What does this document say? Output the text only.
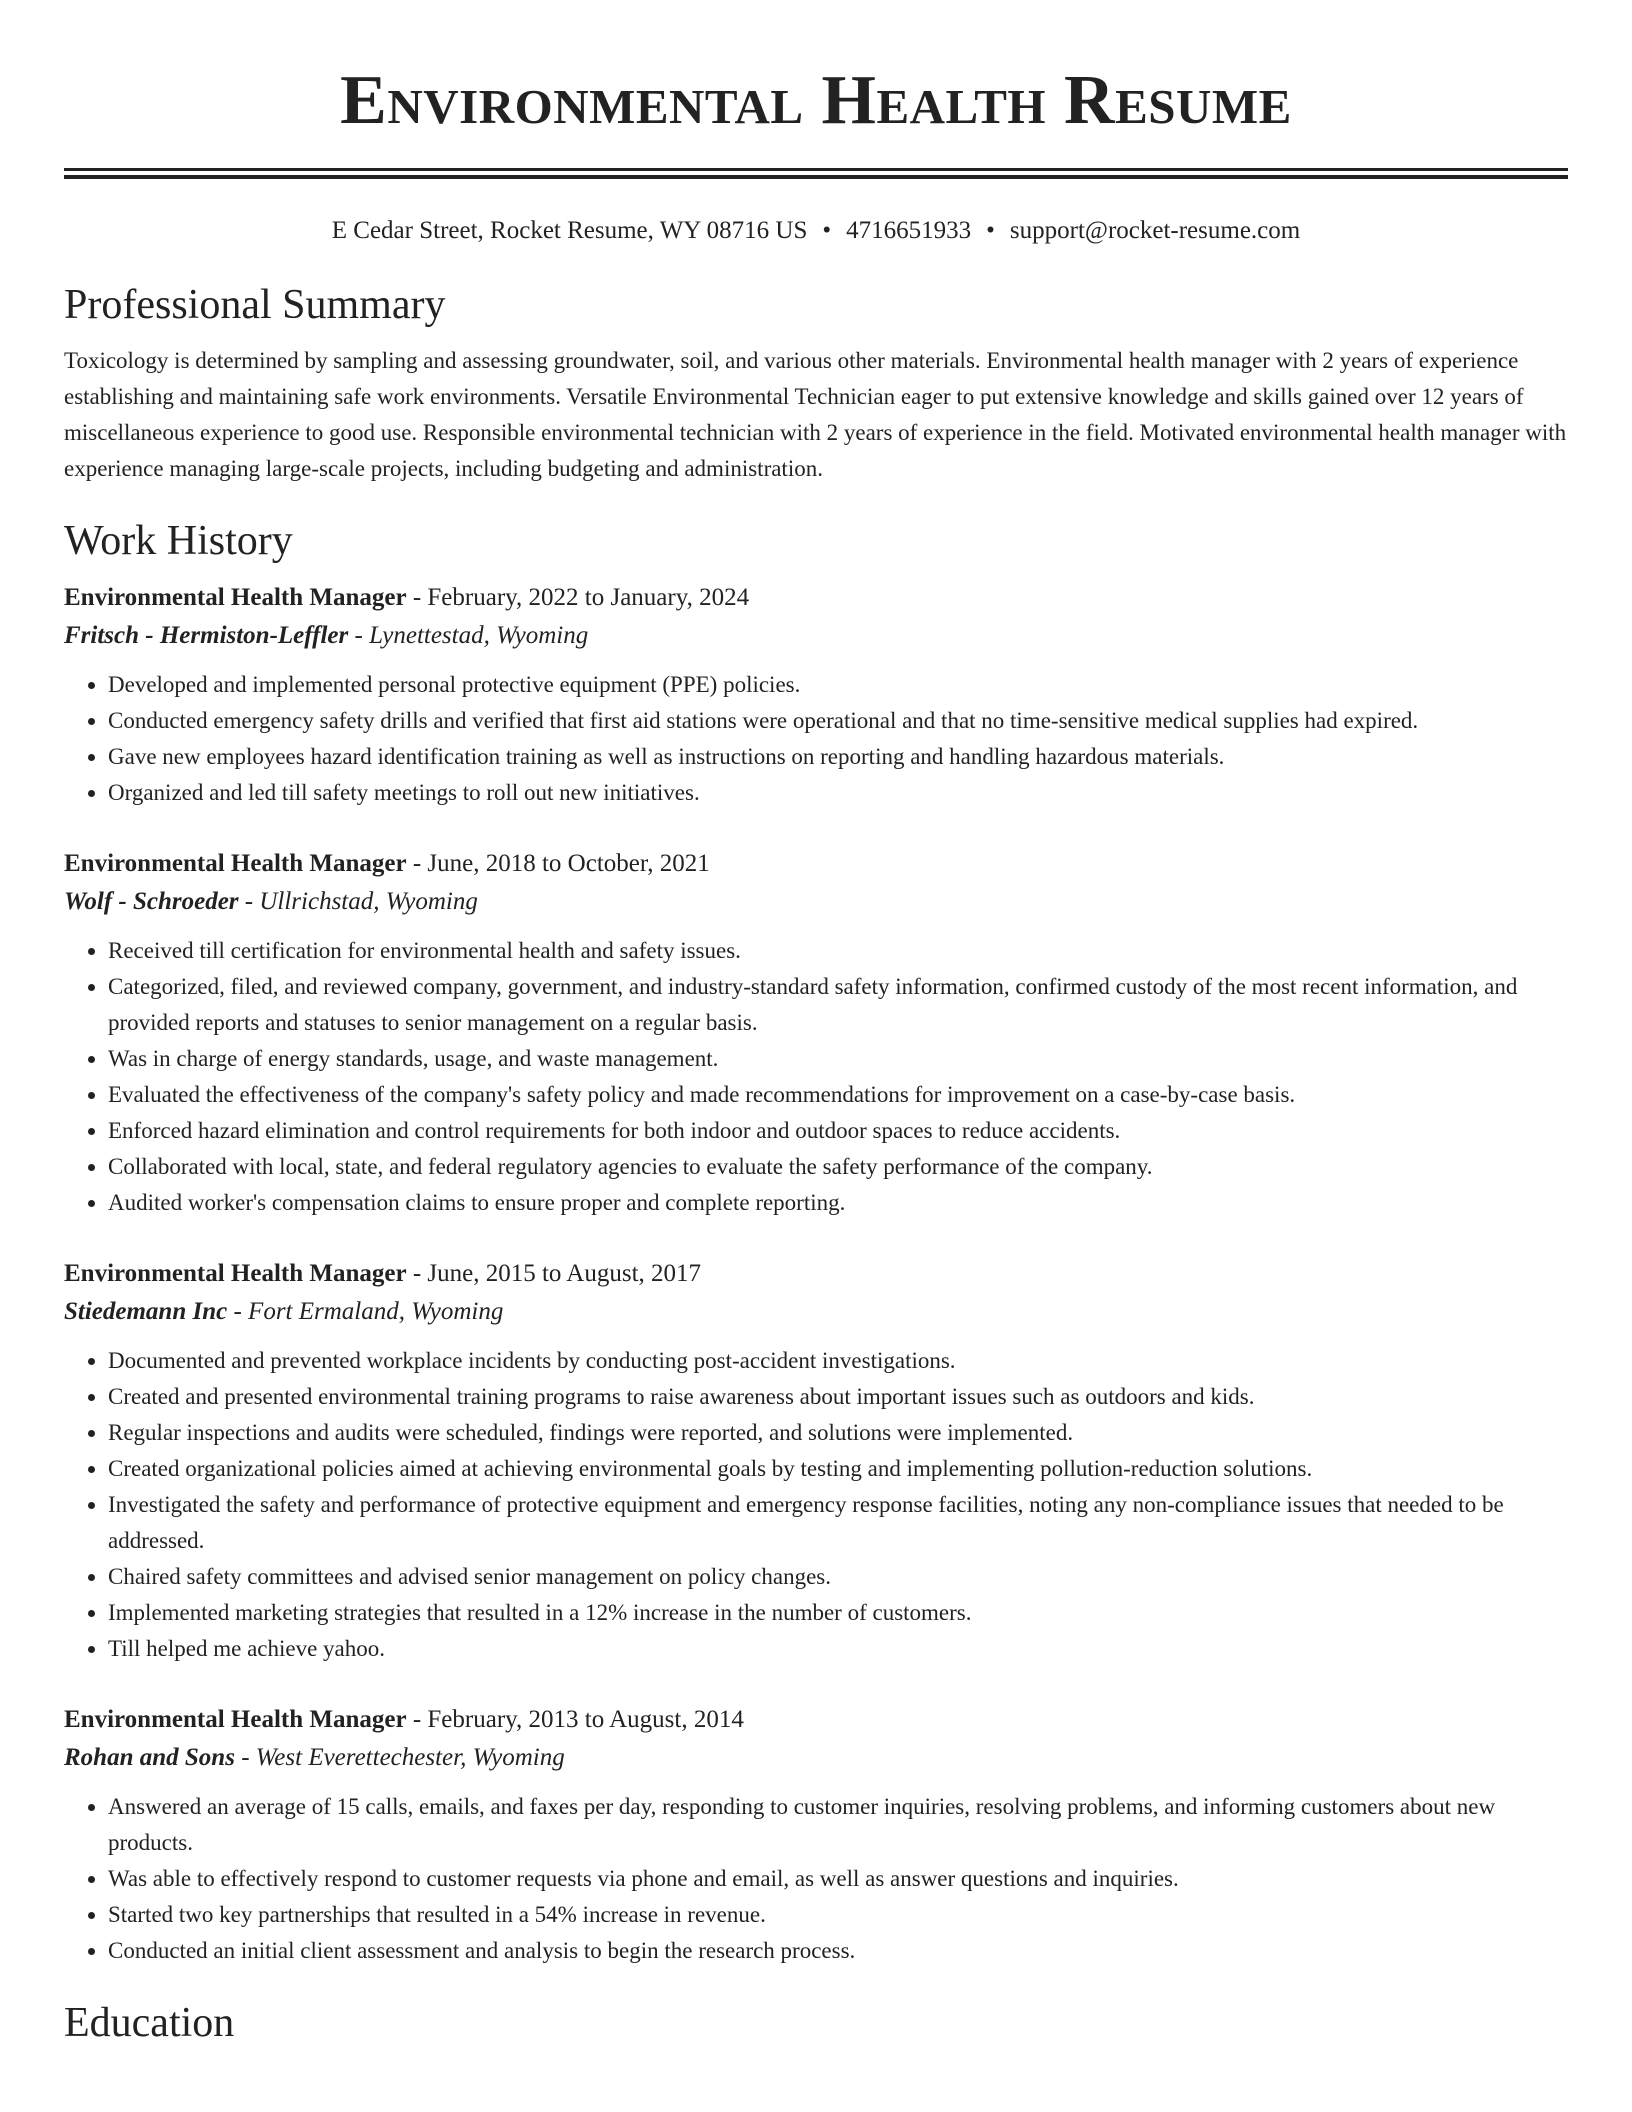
Environmental Health Resume
E Cedar Street, Rocket Resume, WY 08716 US • 4716651933 • support@rocket-resume.com
Professional Summary
Toxicology is determined by sampling and assessing groundwater, soil, and various other materials. Environmental health manager with 2 years of experience establishing and maintaining safe work environments. Versatile Environmental Technician eager to put extensive knowledge and skills gained over 12 years of miscellaneous experience to good use. Responsible environmental technician with 2 years of experience in the field. Motivated environmental health manager with experience managing large-scale projects, including budgeting and administration.
Work History
Environmental Health Manager - February, 2022 to January, 2024
Fritsch - Hermiston-Leffler - Lynettestad, Wyoming
• Developed and implemented personal protective equipment (PPE) policies.
• Conducted emergency safety drills and verified that first aid stations were operational and that no time-sensitive medical supplies had expired.
• Gave new employees hazard identification training as well as instructions on reporting and handling hazardous materials.
• Organized and led till safety meetings to roll out new initiatives.
Environmental Health Manager - June, 2018 to October, 2021
Wolf - Schroeder - Ullrichstad, Wyoming
• Received till certification for environmental health and safety issues.
• Categorized, filed, and reviewed company, government, and industry-standard safety information, confirmed custody of the most recent information, and provided reports and statuses to senior management on a regular basis.
• Was in charge of energy standards, usage, and waste management.
• Evaluated the effectiveness of the company's safety policy and made recommendations for improvement on a case-by-case basis.
• Enforced hazard elimination and control requirements for both indoor and outdoor spaces to reduce accidents.
• Collaborated with local, state, and federal regulatory agencies to evaluate the safety performance of the company.
• Audited worker's compensation claims to ensure proper and complete reporting.
Environmental Health Manager - June, 2015 to August, 2017
Stiedemann Inc - Fort Ermaland, Wyoming
• Documented and prevented workplace incidents by conducting post-accident investigations.
• Created and presented environmental training programs to raise awareness about important issues such as outdoors and kids.
• Regular inspections and audits were scheduled, findings were reported, and solutions were implemented.
• Created organizational policies aimed at achieving environmental goals by testing and implementing pollution-reduction solutions.
• Investigated the safety and performance of protective equipment and emergency response facilities, noting any non-compliance issues that needed to be addressed.
• Chaired safety committees and advised senior management on policy changes.
• Implemented marketing strategies that resulted in a 12% increase in the number of customers.
• Till helped me achieve yahoo.
Environmental Health Manager - February, 2013 to August, 2014
Rohan and Sons - West Everettechester, Wyoming
• Answered an average of 15 calls, emails, and faxes per day, responding to customer inquiries, resolving problems, and informing customers about new products.
• Was able to effectively respond to customer requests via phone and email, as well as answer questions and inquiries.
• Started two key partnerships that resulted in a 54% increase in revenue.
• Conducted an initial client assessment and analysis to begin the research process.
Education
